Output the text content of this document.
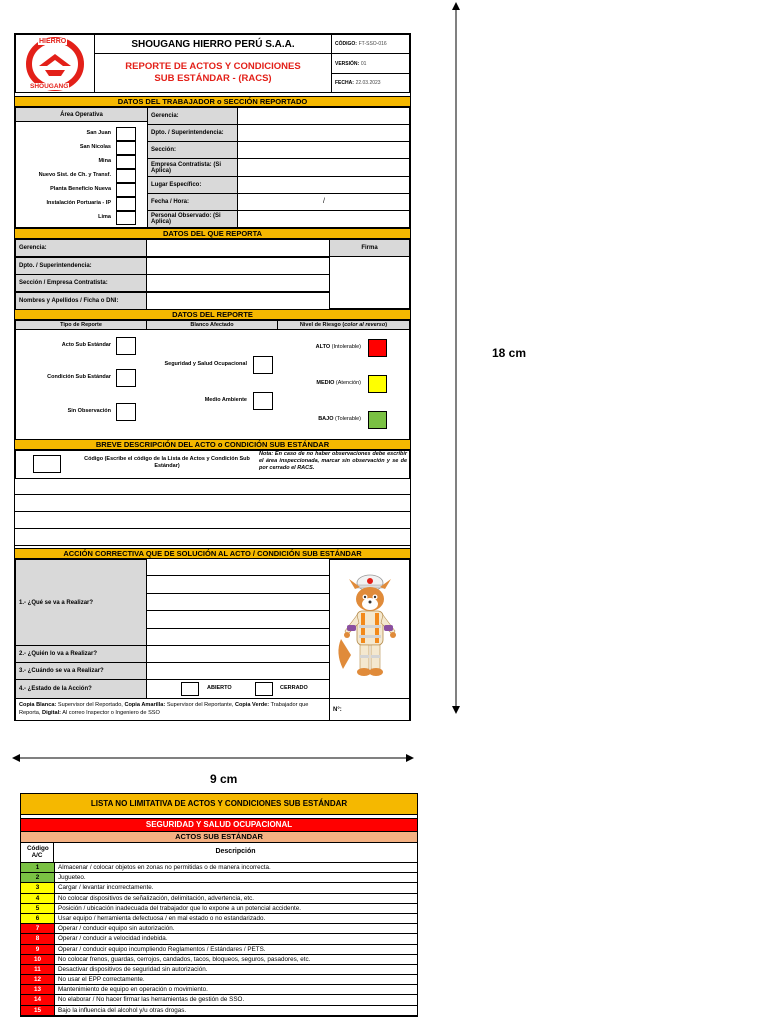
18 cm
9 cm
HIERRO
SHOUGANG
SHOUGANG HIERRO PERÚ S.A.A.
REPORTE DE ACTOS Y CONDICIONES SUB ESTÁNDAR - (RACS)
CÓDIGO:
FT-SSO-016
VERSIÓN:
01
FECHA:
22.03.2023
DATOS DEL TRABAJADOR o SECCIÓN REPORTADO
Área Operativa
San Juan
San Nicolas
Mina
Nuevo Sist. de Ch. y Transf.
Planta Beneficio Nueva
Instalación Portuaria - IP
Lima
Gerencia:
Dpto. / Superintendencia:
Sección:
Empresa Contratista: (Si Aplica)
Lugar Específico:
Fecha / Hora:
Personal Observado: (Si Aplica)
/
DATOS DEL QUE REPORTA
Gerencia:
Dpto. / Superintendencia:
Sección / Empresa Contratista:
Nombres y Apellidos / Ficha o DNI:
Firma
DATOS DEL REPORTE
Tipo de Reporte	Blanco Afectado	Nivel de Riesgo ( color al reverso )
Acto Sub Estándar
Condición Sub Estándar
Sin Observación
Seguridad y Salud Ocupacional
Medio Ambiente
ALTO (Intolerable)
MEDIO (Atención)
BAJO (Tolerable)
BREVE DESCRIPCIÓN DEL ACTO o CONDICIÓN SUB ESTÁNDAR
Código (Escribe el código de la Lista de Actos y Condición Sub Estándar)
Nota: En caso de no haber observaciones debe escribir el área inspeccionada, marcar sin observación y se de por cerrado el RACS.
ACCIÓN CORRECTIVA QUE DE SOLUCIÓN AL ACTO / CONDICIÓN SUB ESTÁNDAR
1.- ¿Qué se va a Realizar?
2.- ¿Quién lo va a Realizar?
3.- ¿Cuándo se va a Realizar?
4.- ¿Estado de la Acción?	ABIERTO	CERRADO
Copia Blanca: Supervisor del Reportado, Copia Amarilla: Supervisor del Reportante, Copia Verde: Trabajador que Reporta, Digital: Al correo Inspector o Ingeniero de SSO
N°:
LISTA NO LIMITATIVA DE ACTOS Y CONDICIONES SUB ESTÁNDAR
SEGURIDAD Y SALUD OCUPACIONAL
ACTOS SUB ESTÁNDAR
Código A/C
Descripción
1	Almacenar / colocar objetos en zonas no permitidas o de manera incorrecta.
2	Jugueteo.
3	Cargar / levantar incorrectamente.
4	No colocar dispositivos de señalización, delimitación, advertencia, etc.
5	Posición / ubicación inadecuada del trabajador que lo expone a un potencial accidente.
6	Usar equipo / herramienta defectuosa / en mal estado o no estandarizado.
7	Operar / conducir equipo sin autorización.
8	Operar / conducir a velocidad indebida.
9	Operar / conducir equipo incumpliendo Reglamentos / Estándares / PETS.
10	No colocar frenos, guardas, cerrojos, candados, tacos, bloqueos, seguros, pasadores, etc.
11	Desactivar dispositivos de seguridad sin autorización.
12	No usar el EPP correctamente.
13	Mantenimiento de equipo en operación o movimiento.
14	No elaborar / No hacer firmar las herramientas de gestión de SSO.
15	Bajo la influencia del alcohol y/u otras drogas.
